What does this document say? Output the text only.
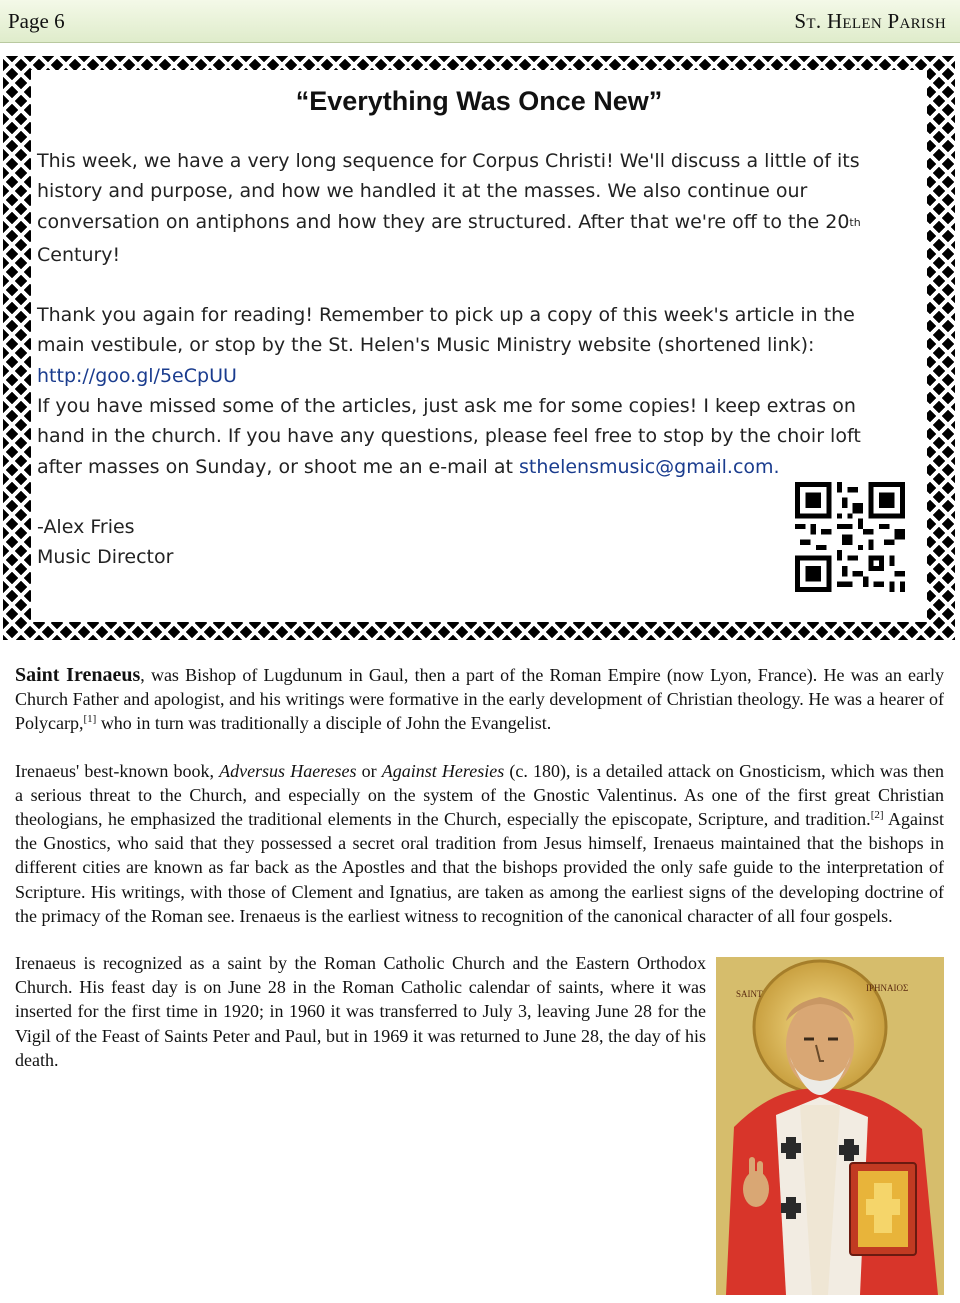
Page 6	St. Helen Parish
“Everything Was Once New”

This week, we have a very long sequence for Corpus Christi! We'll discuss a little of its history and purpose, and how we handled it at the masses. We also continue our conversation on antiphons and how they are structured. After that we're off to the 20th Century!

Thank you again for reading! Remember to pick up a copy of this week's article in the main vestibule, or stop by the St. Helen's Music Ministry website (shortened link): http://goo.gl/5eCpUU

If you have missed some of the articles, just ask me for some copies! I keep extras on hand in the church. If you have any questions, please feel free to stop by the choir loft after masses on Sunday, or shoot me an e-mail at sthelensmusic@gmail.com.

-Alex Fries

Music Director

Saint Irenaeus, was Bishop of Lugdunum in Gaul, then a part of the Roman Empire (now Lyon, France). He was an early Church Father and apologist, and his writings were formative in the early development of Christian theology. He was a hearer of Polycarp,[1] who in turn was traditionally a disciple of John the Evangelist.

Irenaeus' best-known book, Adversus Haereses or Against Heresies (c. 180), is a detailed attack on Gnosticism, which was then a serious threat to the Church, and especially on the system of the Gnostic Valentinus. As one of the first great Christian theologians, he emphasized the traditional elements in the Church, especially the episcopate, Scripture, and tradition.[2] Against the Gnostics, who said that they possessed a secret oral tradition from Jesus himself, Irenaeus maintained that the bishops in different cities are known as far back as the Apostles and that the bishops provided the only safe guide to the interpretation of Scripture. His writings, with those of Clement and Ignatius, are taken as among the earliest signs of the developing doctrine of the primacy of the Roman see. Irenaeus is the earliest witness to recognition of the canonical character of all four gospels.

SAINT
ΙΡΗΝΑΙΟΣ

Irenaeus is recognized as a saint by the Roman Catholic Church and the Eastern Orthodox Church. His feast day is on June 28 in the Roman Catholic calendar of saints, where it was inserted for the first time in 1920; in 1960 it was transferred to July 3, leaving June 28 for the Vigil of the Feast of Saints Peter and Paul, but in 1969 it was returned to June 28, the day of his death.
